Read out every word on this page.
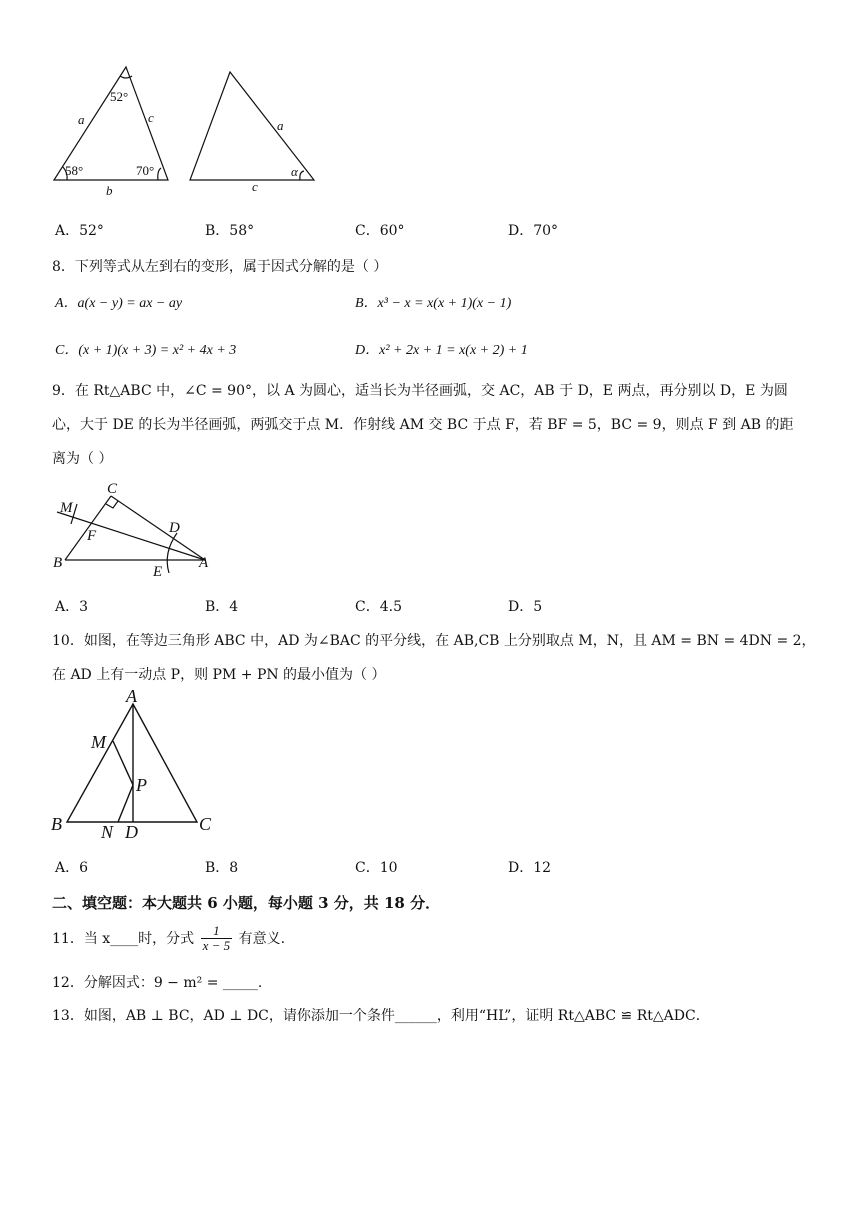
52°
58°	70°
a	c
b
a
c
α
A．52°	B．58°	C．60°	D．70°
8．下列等式从左到右的变形，属于因式分解的是（ ）
A．a(x − y) = ax − ay	B．x³ − x = x(x + 1)(x − 1)
C．(x + 1)(x + 3) = x² + 4x + 3	D．x² + 2x + 1 = x(x + 2) + 1
9．在 Rt△ABC 中，∠C = 90°，以 A 为圆心，适当长为半径画弧，交 AC，AB 于 D，E 两点，再分别以 D，E 为圆
心，大于 DE 的长为半径画弧，两弧交于点 M．作射线 AM 交 BC 于点 F，若 BF = 5，BC = 9，则点 F 到 AB 的距
离为（ ）
C
M
F	D
B
E
A
A．3	B．4	C．4.5	D．5
10．如图，在等边三角形 ABC 中，AD 为∠BAC 的平分线，在 AB,CB 上分别取点 M，N，且 AM = BN = 4DN = 2，
在 AD 上有一动点 P，则 PM + PN 的最小值为（ ）
A
M
P
B N D	C
A．6	B．8	C．10	D．12
二、填空题：本大题共 6 小题，每小题 3 分，共 18 分．
11．当 x____时，分式 $\frac{1}{x - 5}$ 有意义.
12．分解因式：9 − m² = _____.
13．如图，AB ⊥ BC，AD ⊥ DC，请你添加一个条件______，利用“HL”，证明 Rt△ABC ≌ Rt△ADC．
